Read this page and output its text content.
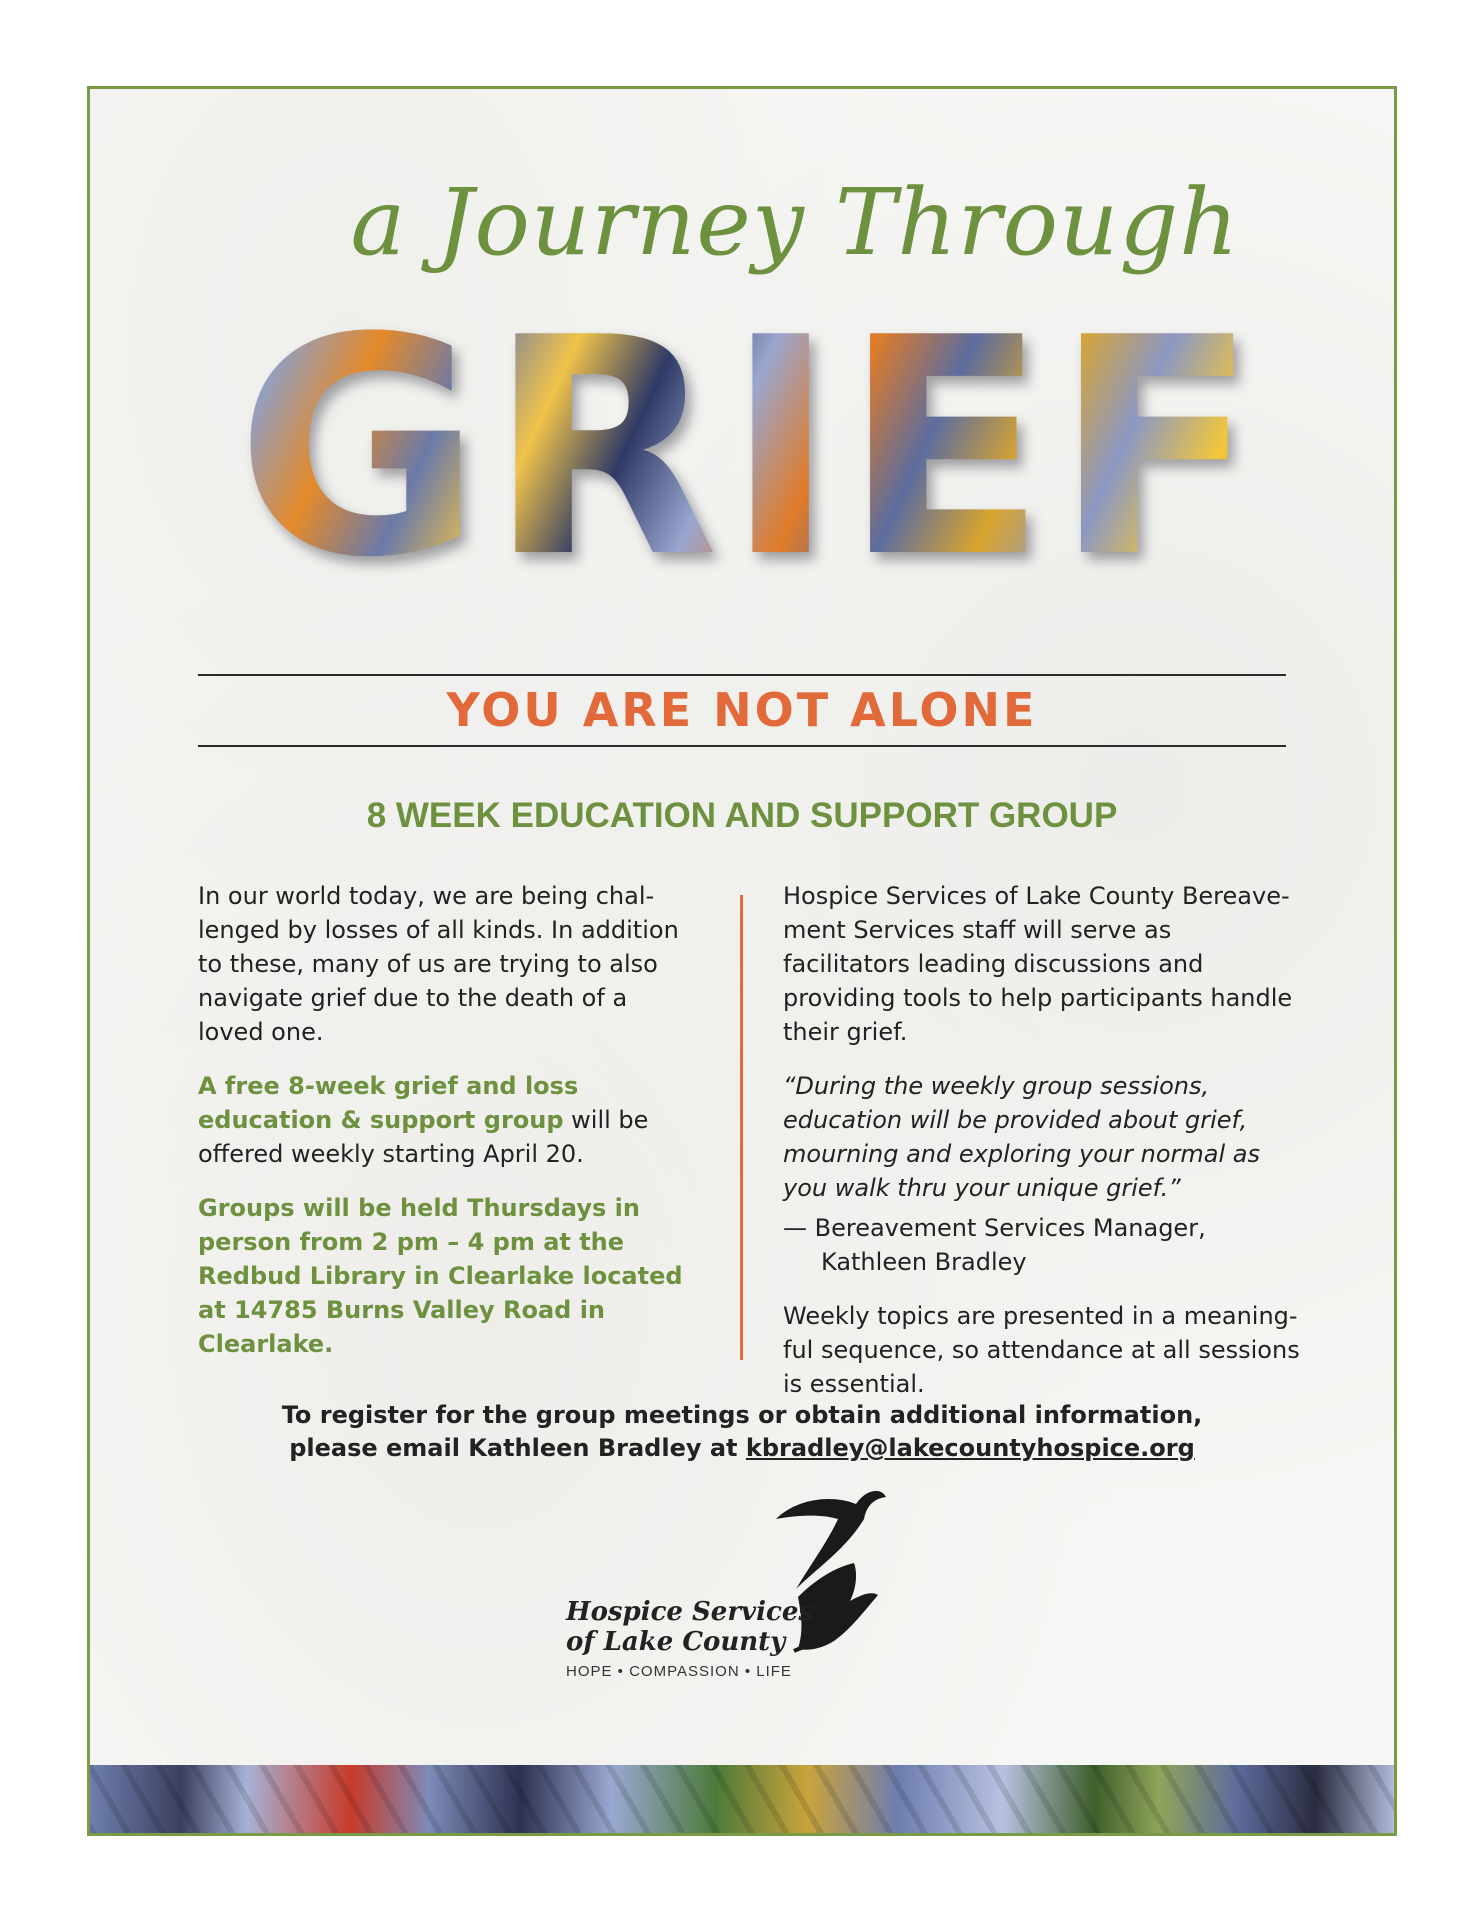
a Journey Through
GRIEF
YOU ARE NOT ALONE
8 WEEK EDUCATION AND SUPPORT GROUP

In our world today, we are being chal-lenged by losses of all kinds. In addition to these, many of us are trying to also navigate grief due to the death of a loved one.

A free 8-week grief and loss education & support group will be offered weekly starting April 20.

Groups will be held Thursdays in person from 2 pm – 4 pm at the Redbud Library in Clearlake located at 14785 Burns Valley Road in Clearlake.

Hospice Services of Lake County Bereave-ment Services staff will serve as facilitators leading discussions and providing tools to help participants handle their grief.

“During the weekly group sessions, education will be provided about grief, mourning and exploring your normal as you walk thru your unique grief.”

— Bereavement Services Manager, Kathleen Bradley

Weekly topics are presented in a meaning-ful sequence, so attendance at all sessions is essential.

To register for the group meetings or obtain additional information,
please email Kathleen Bradley at kbradley@lakecountyhospice.org
Hospice Services
of Lake County
HOPE • COMPASSION • LIFE
